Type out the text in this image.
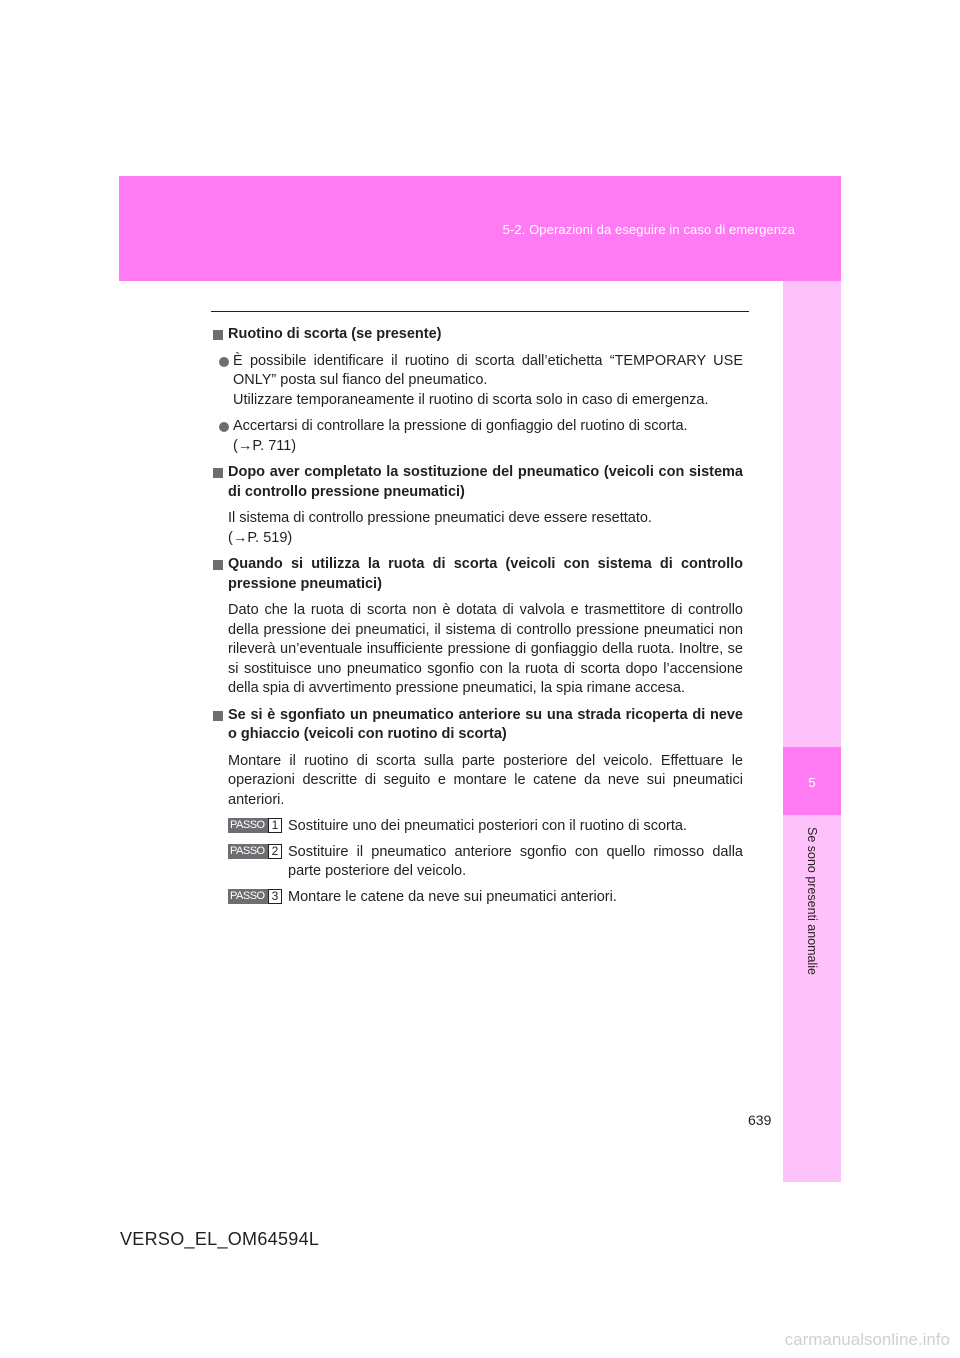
5-2. Operazioni da eseguire in caso di emergenza
5
Se sono presenti anomalie
Ruotino di scorta (se presente)
È possibile identificare il ruotino di scorta dall’etichetta “TEMPORARY USE ONLY” posta sul fianco del pneumatico.
Utilizzare temporaneamente il ruotino di scorta solo in caso di emergenza.
Accertarsi di controllare la pressione di gonfiaggio del ruotino di scorta.
(→P. 711)
Dopo aver completato la sostituzione del pneumatico (veicoli con sistema di controllo pressione pneumatici)
Il sistema di controllo pressione pneumatici deve essere resettato.
(→P. 519)
Quando si utilizza la ruota di scorta (veicoli con sistema di controllo pressione pneumatici)
Dato che la ruota di scorta non è dotata di valvola e trasmettitore di controllo della pressione dei pneumatici, il sistema di controllo pressione pneumatici non rileverà un’eventuale insufficiente pressione di gonfiaggio della ruota. Inoltre, se si sostituisce uno pneumatico sgonfio con la ruota di scorta dopo l’accensione della spia di avvertimento pressione pneumatici, la spia rimane accesa.
Se si è sgonfiato un pneumatico anteriore su una strada ricoperta di neve o ghiaccio (veicoli con ruotino di scorta)
Montare il ruotino di scorta sulla parte posteriore del veicolo. Effettuare le operazioni descritte di seguito e montare le catene da neve sui pneumatici anteriori.
PASSO 1 Sostituire uno dei pneumatici posteriori con il ruotino di scorta.
PASSO 2 Sostituire il pneumatico anteriore sgonfio con quello rimosso dalla parte posteriore del veicolo.
PASSO 3 Montare le catene da neve sui pneumatici anteriori.
639
VERSO_EL_OM64594L
carmanualsonline.info
